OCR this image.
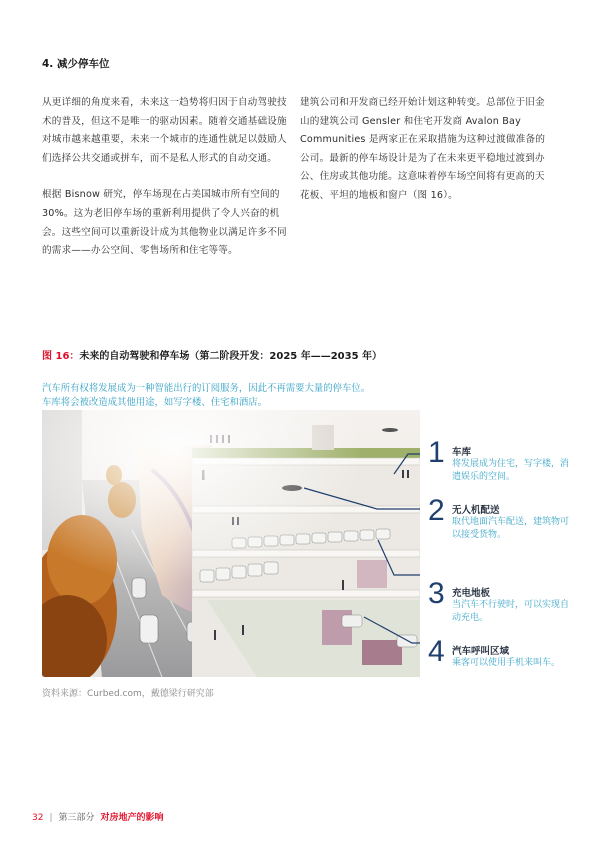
4. 减少停车位

从更详细的角度来看，未来这一趋势将归因于自动驾驶技术的普及，但这不是唯一的驱动因素。随着交通基础设施对城市越来越重要，未来一个城市的连通性就足以鼓励人们选择公共交通或拼车，而不是私人形式的自动交通。

根据 Bisnow 研究，停车场现在占美国城市所有空间的 30%。这为老旧停车场的重新利用提供了令人兴奋的机会。这些空间可以重新设计成为其他物业以满足许多不同的需求——办公空间、零售场所和住宅等等。

建筑公司和开发商已经开始计划这种转变。总部位于旧金山的建筑公司 Gensler 和住宅开发商 Avalon Bay Communities 是两家正在采取措施为这种过渡做准备的公司。最新的停车场设计是为了在未来更平稳地过渡到办公、住房或其他功能。这意味着停车场空间将有更高的天花板、平坦的地板和窗户（图 16）。

图 16：未来的自动驾驶和停车场（第二阶段开发：2025 年——2035 年）
汽车所有权将发展成为一种智能出行的订阅服务，因此不再需要大量的停车位。
车库将会被改造成其他用途，如写字楼、住宅和酒店。
1 车库
将发展成为住宅，写字楼，消遣娱乐的空间。
2 无人机配送
取代地面汽车配送，建筑物可以接受货物。
3 充电地板
当汽车不行驶时，可以实现自动充电。
4 汽车呼叫区域
乘客可以使用手机来叫车。
资料来源：Curbed.com，戴德梁行研究部
32 | 第三部分 对房地产的影响
